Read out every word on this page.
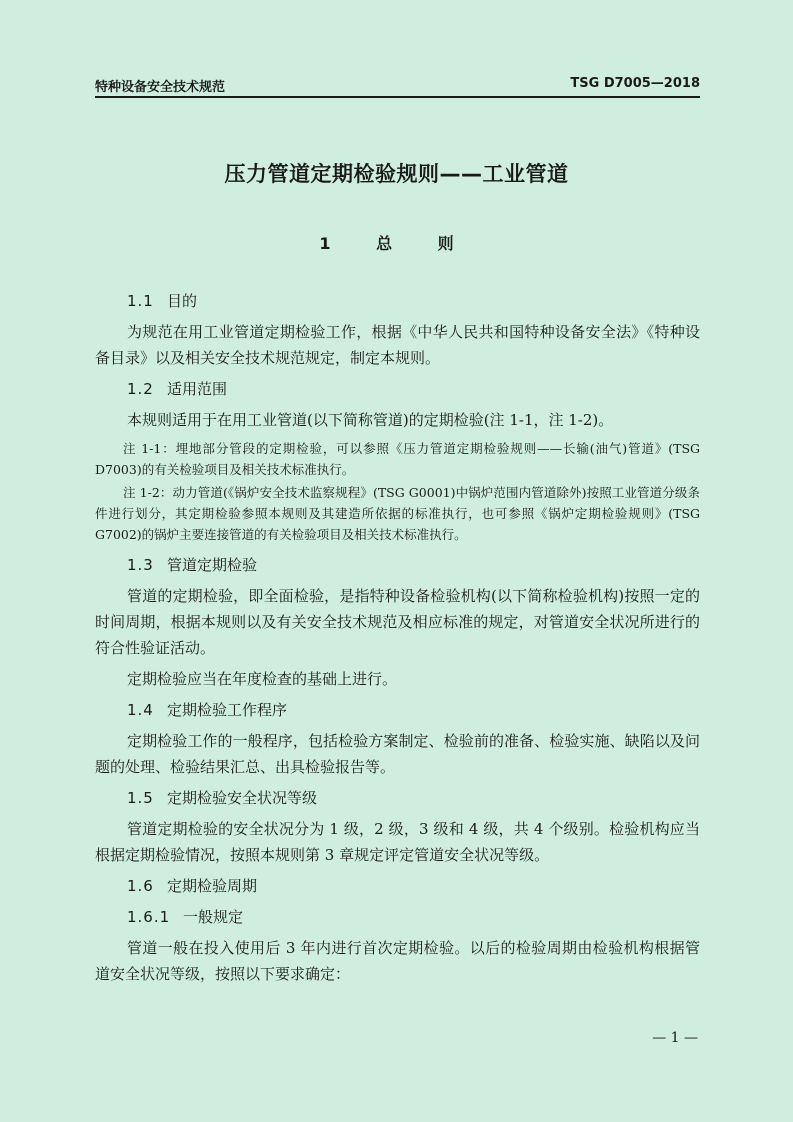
特种设备安全技术规范	TSG D7005—2018
压力管道定期检验规则——工业管道
1 总 则
1.1 目的

为规范在用工业管道定期检验工作，根据《中华人民共和国特种设备安全法》《特种设备目录》以及相关安全技术规范规定，制定本规则。

1.2 适用范围

本规则适用于在用工业管道(以下简称管道)的定期检验(注 1-1，注 1-2)。

注 1-1：埋地部分管段的定期检验，可以参照《压力管道定期检验规则——长输(油气)管道》(TSG D7003)的有关检验项目及相关技术标准执行。

注 1-2：动力管道(《锅炉安全技术监察规程》(TSG G0001)中锅炉范围内管道除外)按照工业管道分级条件进行划分，其定期检验参照本规则及其建造所依据的标准执行，也可参照《锅炉定期检验规则》(TSG G7002)的锅炉主要连接管道的有关检验项目及相关技术标准执行。

1.3 管道定期检验

管道的定期检验，即全面检验，是指特种设备检验机构(以下简称检验机构)按照一定的时间周期，根据本规则以及有关安全技术规范及相应标准的规定，对管道安全状况所进行的符合性验证活动。

定期检验应当在年度检查的基础上进行。

1.4 定期检验工作程序

定期检验工作的一般程序，包括检验方案制定、检验前的准备、检验实施、缺陷以及问题的处理、检验结果汇总、出具检验报告等。

1.5 定期检验安全状况等级

管道定期检验的安全状况分为 1 级，2 级，3 级和 4 级，共 4 个级别。检验机构应当根据定期检验情况，按照本规则第 3 章规定评定管道安全状况等级。

1.6 定期检验周期
1.6.1 一般规定

管道一般在投入使用后 3 年内进行首次定期检验。以后的检验周期由检验机构根据管道安全状况等级，按照以下要求确定：

— 1 —
